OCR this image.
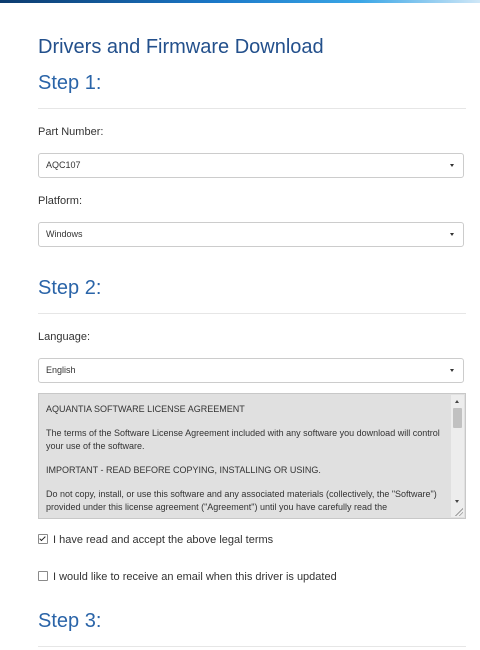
Drivers and Firmware Download
Step 1:
Part Number:
AQC107
Platform:
Windows
Step 2:
Language:
English

AQUANTIA SOFTWARE LICENSE AGREEMENT

The terms of the Software License Agreement included with any software you download will control your use of the software.

IMPORTANT - READ BEFORE COPYING, INSTALLING OR USING.

Do not copy, install, or use this software and any associated materials (collectively, the "Software") provided under this license agreement ("Agreement") until you have carefully read the

I have read and accept the above legal terms
I would like to receive an email when this driver is updated
Step 3:
